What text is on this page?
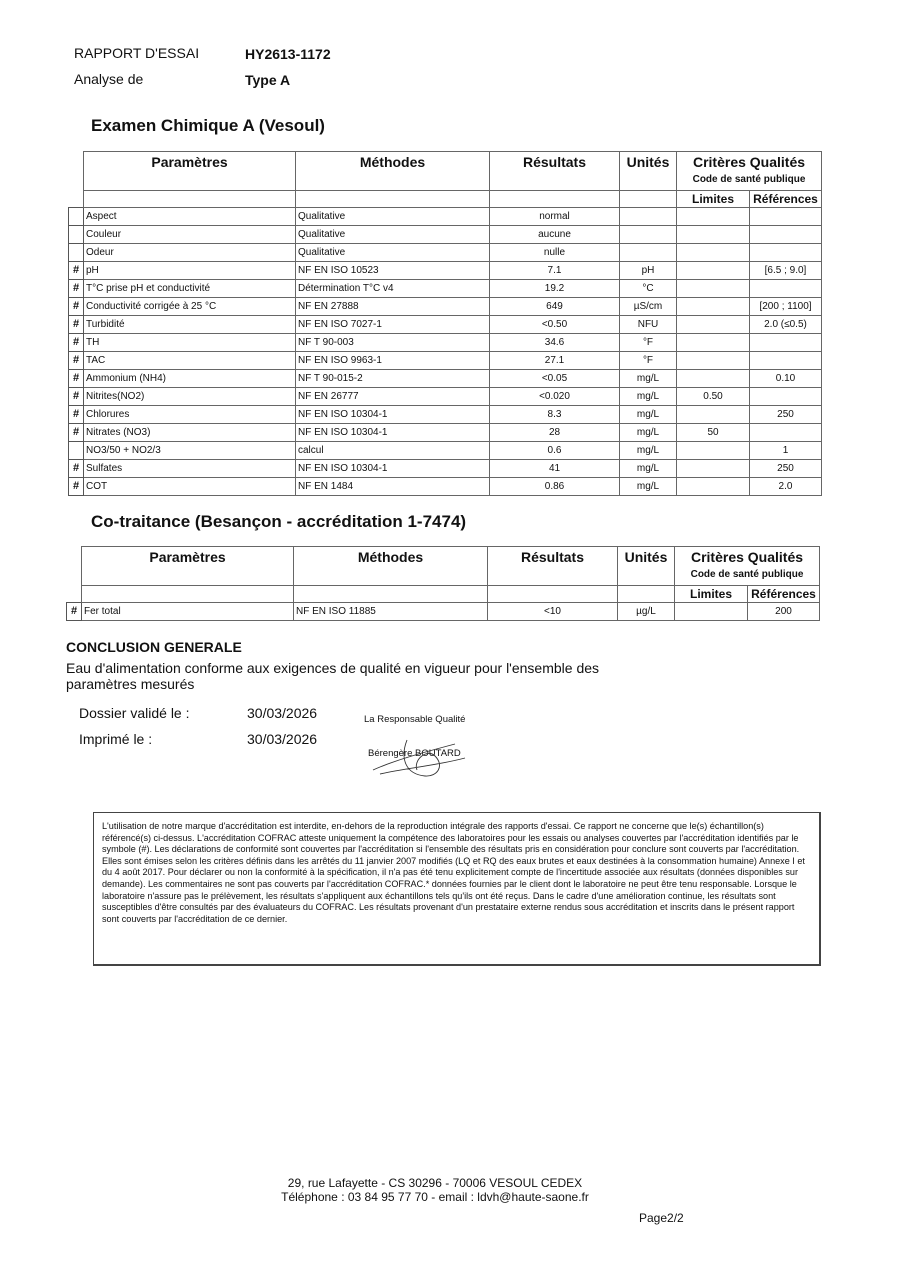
RAPPORT D'ESSAI	HY2613-1172
Analyse de	Type A
Examen Chimique A (Vesoul)
	Paramètres	Méthodes	Résultats	Unités	Critères Qualités
Code de santé publique	

					Limites	Références
	Aspect	Qualitative	normal			
	Couleur	Qualitative	aucune			
	Odeur	Qualitative	nulle			
#	pH	NF EN ISO 10523	7.1	pH		[6.5 ; 9.0]
#	T°C prise pH et conductivité	Détermination T°C v4	19.2	°C		
#	Conductivité corrigée à 25 °C	NF EN 27888	649	µS/cm		[200 ; 1100]
#	Turbidité	NF EN ISO 7027-1	<0.50	NFU		2.0 (≤0.5)
#	TH	NF T 90-003	34.6	°F		
#	TAC	NF EN ISO 9963-1	27.1	°F		
#	Ammonium (NH4)	NF T 90-015-2	<0.05	mg/L		0.10
#	Nitrites(NO2)	NF EN 26777	<0.020	mg/L	0.50	
#	Chlorures	NF EN ISO 10304-1	8.3	mg/L		250
#	Nitrates (NO3)	NF EN ISO 10304-1	28	mg/L	50	
	NO3/50 + NO2/3	calcul	0.6	mg/L		1
#	Sulfates	NF EN ISO 10304-1	41	mg/L		250
#	COT	NF EN 1484	0.86	mg/L		2.0
Co-traitance (Besançon - accréditation 1-7474)
	Paramètres	Méthodes	Résultats	Unités	Critères Qualités
Code de santé publique	

					Limites	Références
#	Fer total	NF EN ISO 11885	<10	µg/L		200
CONCLUSION GENERALE
Eau d'alimentation conforme aux exigences de qualité en vigueur pour l'ensemble des paramètres mesurés
Dossier validé le :	30/03/2026
Imprimé le :	30/03/2026
La Responsable Qualité
Bérengère BOUTARD
L'utilisation de notre marque d'accréditation est interdite, en-dehors de la reproduction intégrale des rapports d'essai. Ce rapport ne concerne que le(s) échantillon(s) référencé(s) ci-dessus. L'accréditation COFRAC atteste uniquement la compétence des laboratoires pour les essais ou analyses couvertes par l'accréditation identifiés par le symbole (#). Les déclarations de conformité sont couvertes par l'accréditation si l'ensemble des résultats pris en considération pour conclure sont couverts par l'accréditation. Elles sont émises selon les critères définis dans les arrêtés du 11 janvier 2007 modifiés (LQ et RQ des eaux brutes et eaux destinées à la consommation humaine) Annexe I et du 4 août 2017. Pour déclarer ou non la conformité à la spécification, il n'a pas été tenu explicitement compte de l'incertitude associée aux résultats (données disponibles sur demande). Les commentaires ne sont pas couverts par l'accréditation COFRAC.* données fournies par le client dont le laboratoire ne peut être tenu responsable. Lorsque le laboratoire n'assure pas le prélèvement, les résultats s'appliquent aux échantillons tels qu'ils ont été reçus. Dans le cadre d'une amélioration continue, les résultats sont susceptibles d'être consultés par des évaluateurs du COFRAC. Les résultats provenant d'un prestataire externe rendus sous accréditation et inscrits dans le présent rapport sont couverts par l'accréditation de ce dernier.
29, rue Lafayette - CS 30296 - 70006 VESOUL CEDEX
Téléphone : 03 84 95 77 70 - email : ldvh@haute-saone.fr
Page2/2
